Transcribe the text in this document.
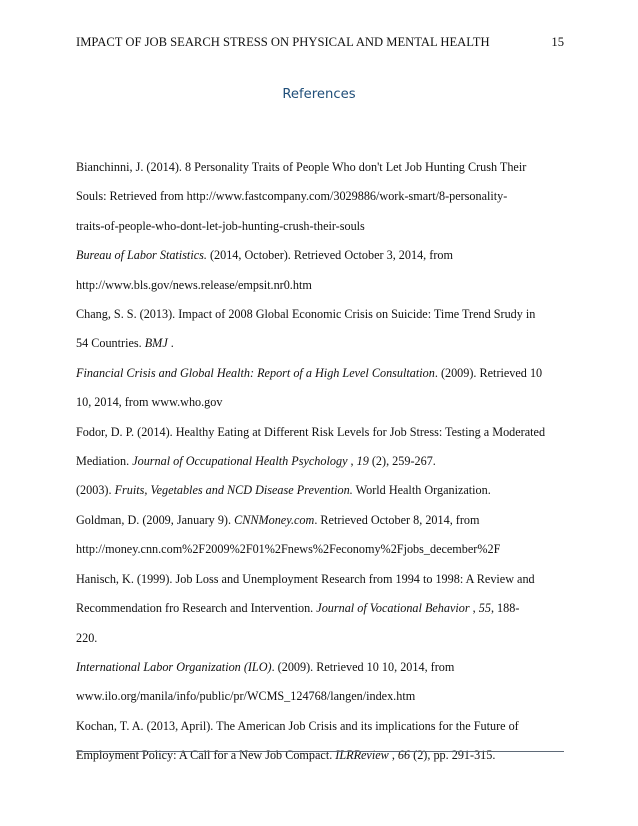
IMPACT OF JOB SEARCH STRESS ON PHYSICAL AND MENTAL HEALTH	15
References

Bianchinni, J. (2014). 8 Personality Traits of People Who don't Let Job Hunting Crush Their
Souls: Retrieved from http://www.fastcompany.com/3029886/work-smart/8-personality-
traits-of-people-who-dont-let-job-hunting-crush-their-souls

Bureau of Labor Statistics. (2014, October). Retrieved October 3, 2014, from
http://www.bls.gov/news.release/empsit.nr0.htm

Chang, S. S. (2013). Impact of 2008 Global Economic Crisis on Suicide: Time Trend Srudy in
54 Countries. BMJ .

Financial Crisis and Global Health: Report of a High Level Consultation. (2009). Retrieved 10
10, 2014, from www.who.gov

Fodor, D. P. (2014). Healthy Eating at Different Risk Levels for Job Stress: Testing a Moderated
Mediation. Journal of Occupational Health Psychology , 19 (2), 259-267.

(2003). Fruits, Vegetables and NCD Disease Prevention. World Health Organization.

Goldman, D. (2009, January 9). CNNMoney.com. Retrieved October 8, 2014, from
http://money.cnn.com%2F2009%2F01%2Fnews%2Feconomy%2Fjobs_december%2F

Hanisch, K. (1999). Job Loss and Unemployment Research from 1994 to 1998: A Review and
Recommendation fro Research and Intervention. Journal of Vocational Behavior , 55, 188-
220.

International Labor Organization (ILO). (2009). Retrieved 10 10, 2014, from
www.ilo.org/manila/info/public/pr/WCMS_124768/langen/index.htm

Kochan, T. A. (2013, April). The American Job Crisis and its implications for the Future of
Employment Policy: A Call for a New Job Compact. ILRReview , 66 (2), pp. 291-315.
